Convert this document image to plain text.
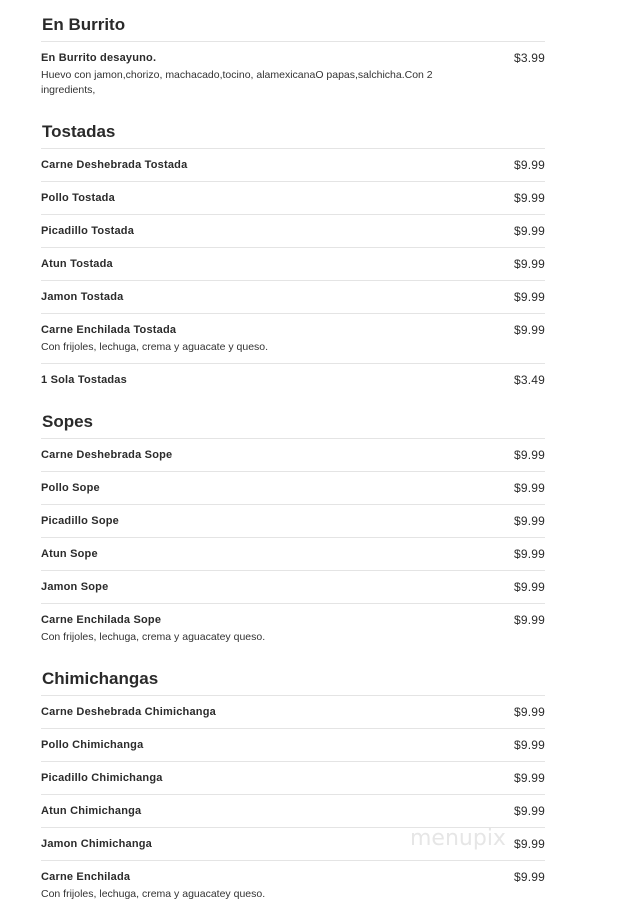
En Burrito
En Burrito desayuno.	$3.99
Huevo con jamon,chorizo, machacado,tocino, alamexicanaO papas,salchicha.Con 2 ingredients,
Tostadas
Carne Deshebrada Tostada	$9.99
Pollo Tostada	$9.99
Picadillo Tostada	$9.99
Atun Tostada	$9.99
Jamon Tostada	$9.99
Carne Enchilada Tostada	$9.99
Con frijoles, lechuga, crema y aguacate y queso.
1 Sola Tostadas	$3.49
Sopes
Carne Deshebrada Sope	$9.99
Pollo Sope	$9.99
Picadillo Sope	$9.99
Atun Sope	$9.99
Jamon Sope	$9.99
Carne Enchilada Sope	$9.99
Con frijoles, lechuga, crema y aguacatey queso.
Chimichangas
Carne Deshebrada Chimichanga	$9.99
Pollo Chimichanga	$9.99
Picadillo Chimichanga	$9.99
Atun Chimichanga	$9.99
Jamon Chimichanga	$9.99
Carne Enchilada	$9.99
Con frijoles, lechuga, crema y aguacatey queso.
menupix
